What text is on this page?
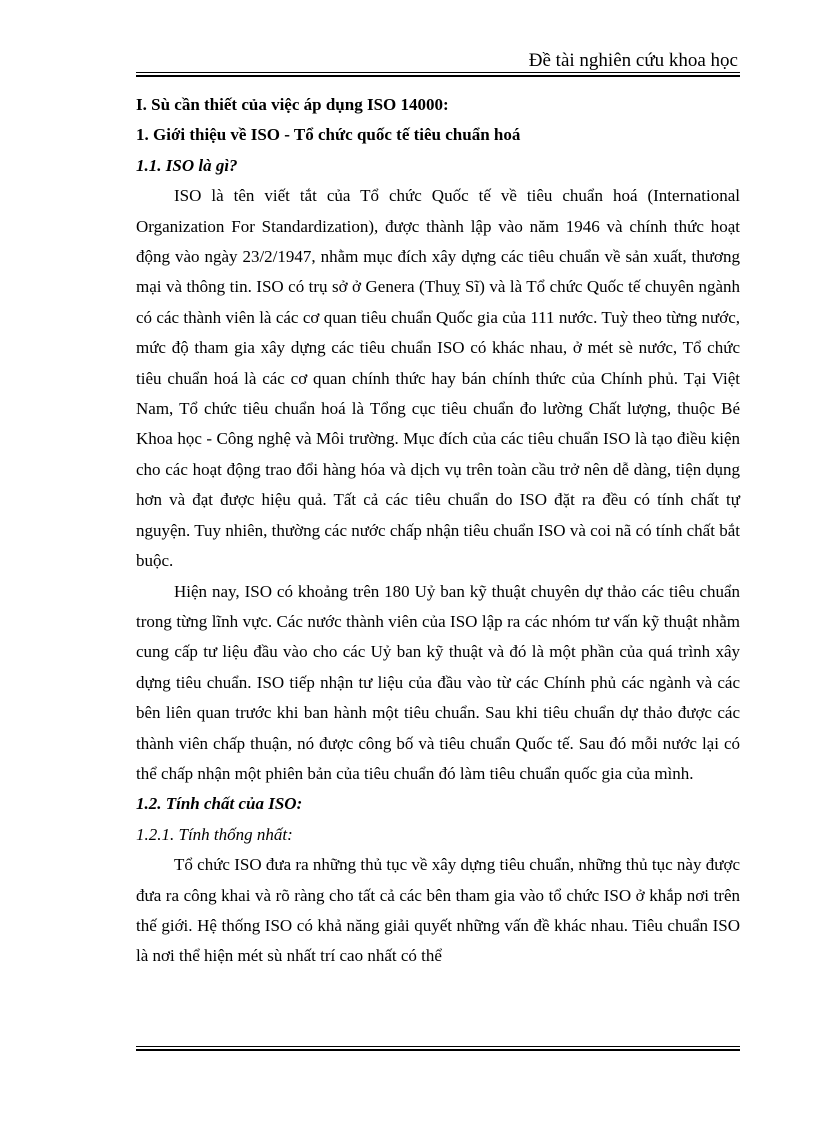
Đề tài nghiên cứu khoa học

I. Sù cần thiết của việc áp dụng ISO 14000:

1. Giới thiệu về ISO - Tổ chức quốc tế tiêu chuẩn hoá

1.1. ISO là gì?

ISO là tên viết tắt của Tổ chức Quốc tế về tiêu chuẩn hoá (International Organization For Standardization), được thành lập vào năm 1946 và chính thức hoạt động vào ngày 23/2/1947, nhằm mục đích xây dựng các tiêu chuẩn về sản xuất, thương mại và thông tin. ISO có trụ sở ở Genera (Thuỵ Sĩ) và là Tổ chức Quốc tế chuyên ngành có các thành viên là các cơ quan tiêu chuẩn Quốc gia của 111 nước. Tuỳ theo từng nước, mức độ tham gia xây dựng các tiêu chuẩn ISO có khác nhau, ở mét sè nước, Tổ chức tiêu chuẩn hoá là các cơ quan chính thức hay bán chính thức của Chính phủ. Tại Việt Nam, Tổ chức tiêu chuẩn hoá là Tổng cục tiêu chuẩn đo lường Chất lượng, thuộc Bé Khoa học - Công nghệ và Môi trường. Mục đích của các tiêu chuẩn ISO là tạo điều kiện cho các hoạt động trao đổi hàng hóa và dịch vụ trên toàn cầu trở nên dễ dàng, tiện dụng hơn và đạt được hiệu quả. Tất cả các tiêu chuẩn do ISO đặt ra đều có tính chất tự nguyện. Tuy nhiên, thường các nước chấp nhận tiêu chuẩn ISO và coi nã có tính chất bắt buộc.

Hiện nay, ISO có khoảng trên 180 Uỷ ban kỹ thuật chuyên dự thảo các tiêu chuẩn trong từng lĩnh vực. Các nước thành viên của ISO lập ra các nhóm tư vấn kỹ thuật nhằm cung cấp tư liệu đầu vào cho các Uỷ ban kỹ thuật và đó là một phần của quá trình xây dựng tiêu chuẩn. ISO tiếp nhận tư liệu của đầu vào từ các Chính phủ các ngành và các bên liên quan trước khi ban hành một tiêu chuẩn. Sau khi tiêu chuẩn dự thảo được các thành viên chấp thuận, nó được công bố và tiêu chuẩn Quốc tế. Sau đó mỗi nước lại có thể chấp nhận một phiên bản của tiêu chuẩn đó làm tiêu chuẩn quốc gia của mình.

1.2. Tính chất của ISO:

1.2.1. Tính thống nhất:

Tổ chức ISO đưa ra những thủ tục về xây dựng tiêu chuẩn, những thủ tục này được đưa ra công khai và rõ ràng cho tất cả các bên tham gia vào tổ chức ISO ở khắp nơi trên thế giới. Hệ thống ISO có khả năng giải quyết những vấn đề khác nhau. Tiêu chuẩn ISO là nơi thể hiện mét sù nhất trí cao nhất có thể
